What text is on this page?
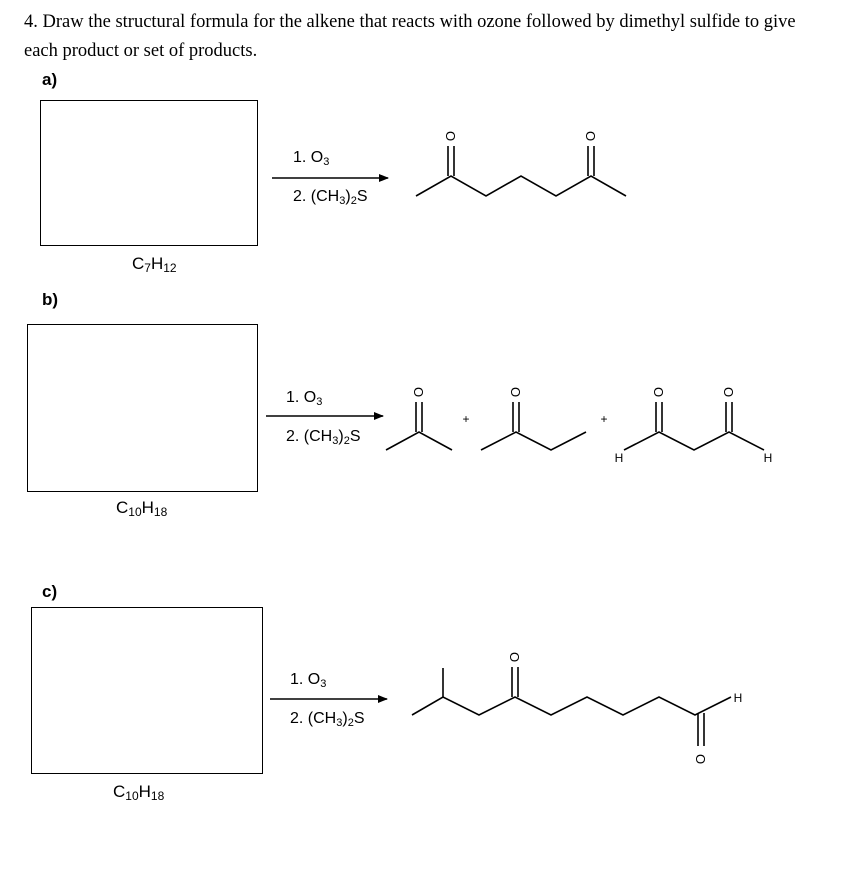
4. Draw the structural formula for the alkene that reacts with ozone followed by dimethyl sulfide to give each product or set of products.
a)
$C_7H_{12}$
1. $O_3$
2. $(CH_3)_2S$
b)
$C_{10}H_{18}$
1. $O_3$
2. $(CH_3)_2S$
c)
$C_{10}H_{18}$
1. $O_3$
2. $(CH_3)_2S$
O	O
O
+
O
+
O	O
H	H
O
H
O
